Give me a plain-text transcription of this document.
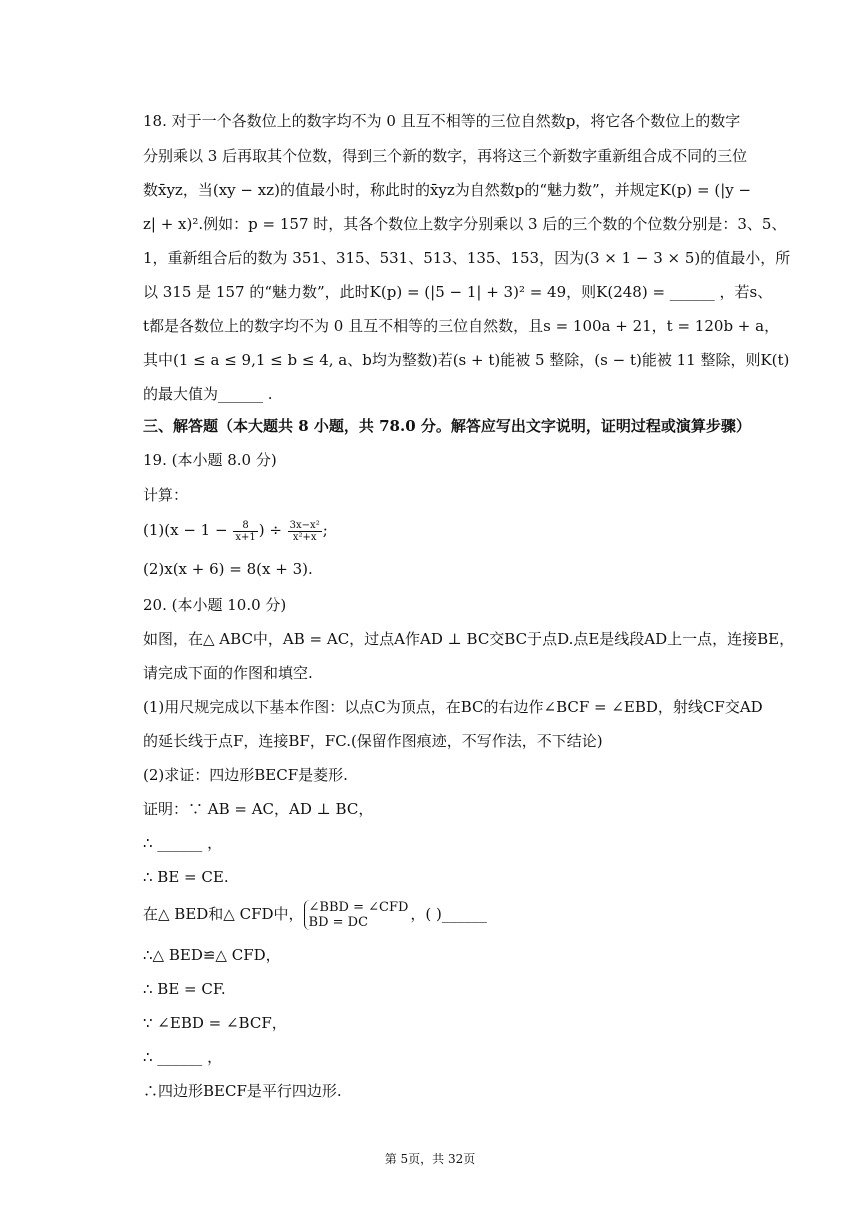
18. 对于一个各数位上的数字均不为 0 且互不相等的三位自然数p，将它各个数位上的数字
分别乘以 3 后再取其个位数，得到三个新的数字，再将这三个新数字重新组合成不同的三位
数x̄yz，当(xy − xz)的值最小时，称此时的x̄yz为自然数p的“魅力数”，并规定K(p) = (|y −
z| + x)².例如：p = 157 时，其各个数位上数字分别乘以 3 后的三个数的个位数分别是：3、5、
1，重新组合后的数为 351、315、531、513、135、153，因为(3 × 1 − 3 × 5)的值最小，所
以 315 是 157 的“魅力数”，此时K(p) = (|5 − 1| + 3)² = 49，则K(248) = ______ ，若s、
t都是各数位上的数字均不为 0 且互不相等的三位自然数，且s = 100a + 21，t = 120b + a，
其中(1 ≤ a ≤ 9,1 ≤ b ≤ 4, a、b均为整数)若(s + t)能被 5 整除，(s − t)能被 11 整除，则K(t)
的最大值为______ .
三、解答题（本大题共 8 小题，共 78.0 分。解答应写出文字说明，证明过程或演算步骤）
19. (本小题 8.0 分)
计算：
$(1)(x - 1 - \frac{8}{x+1}$ ) ÷ $\frac{\text{3x−x²}}{\text{x²+x}}$ ;
(2)x(x + 6) = 8(x + 3).
20. (本小题 10.0 分)
如图，在△ ABC中，AB = AC，过点A作AD ⊥ BC交BC于点D.点E是线段AD上一点，连接BE，
请完成下面的作图和填空.
(1)用尺规完成以下基本作图：以点C为顶点，在BC的右边作∠BCF = ∠EBD，射线CF交AD
的延长线于点F，连接BF，FC.(保留作图痕迹，不写作法，不下结论)
(2)求证：四边形BECF是菱形.
证明：∵ AB = AC，AD ⊥ BC，
∴ ______ ，
∴ BE = CE.
在△ BED和△ CFD中， ∠BBD = ∠CFD
BD = DC	，( )______
∴△ BED≌△ CFD，
∴ BE = CF.
∵ ∠EBD = ∠BCF，
∴ ______ ，
∴四边形BECF是平行四边形.
第 5页，共 32页
